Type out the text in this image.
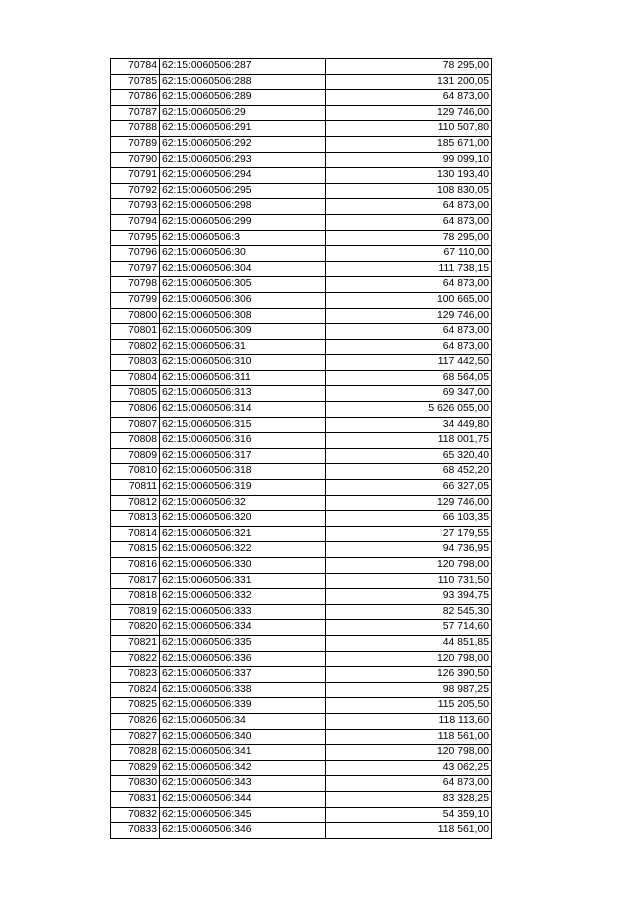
70784	62:15:0060506:287	78 295,00
70785	62:15:0060506:288	131 200,05
70786	62:15:0060506:289	64 873,00
70787	62:15:0060506:29	129 746,00
70788	62:15:0060506:291	110 507,80
70789	62:15:0060506:292	185 671,00
70790	62:15:0060506:293	99 099,10
70791	62:15:0060506:294	130 193,40
70792	62:15:0060506:295	108 830,05
70793	62:15:0060506:298	64 873,00
70794	62:15:0060506:299	64 873,00
70795	62:15:0060506:3	78 295,00
70796	62:15:0060506:30	67 110,00
70797	62:15:0060506:304	111 738,15
70798	62:15:0060506:305	64 873,00
70799	62:15:0060506:306	100 665,00
70800	62:15:0060506:308	129 746,00
70801	62:15:0060506:309	64 873,00
70802	62:15:0060506:31	64 873,00
70803	62:15:0060506:310	117 442,50
70804	62:15:0060506:311	68 564,05
70805	62:15:0060506:313	69 347,00
70806	62:15:0060506:314	5 626 055,00
70807	62:15:0060506:315	34 449,80
70808	62:15:0060506:316	118 001,75
70809	62:15:0060506:317	65 320,40
70810	62:15:0060506:318	68 452,20
70811	62:15:0060506:319	66 327,05
70812	62:15:0060506:32	129 746,00
70813	62:15:0060506:320	66 103,35
70814	62:15:0060506:321	27 179,55
70815	62:15:0060506:322	94 736,95
70816	62:15:0060506:330	120 798,00
70817	62:15:0060506:331	110 731,50
70818	62:15:0060506:332	93 394,75
70819	62:15:0060506:333	82 545,30
70820	62:15:0060506:334	57 714,60
70821	62:15:0060506:335	44 851,85
70822	62:15:0060506:336	120 798,00
70823	62:15:0060506:337	126 390,50
70824	62:15:0060506:338	98 987,25
70825	62:15:0060506:339	115 205,50
70826	62:15:0060506:34	118 113,60
70827	62:15:0060506:340	118 561,00
70828	62:15:0060506:341	120 798,00
70829	62:15:0060506:342	43 062,25
70830	62:15:0060506:343	64 873,00
70831	62:15:0060506:344	83 328,25
70832	62:15:0060506:345	54 359,10
70833	62:15:0060506:346	118 561,00
